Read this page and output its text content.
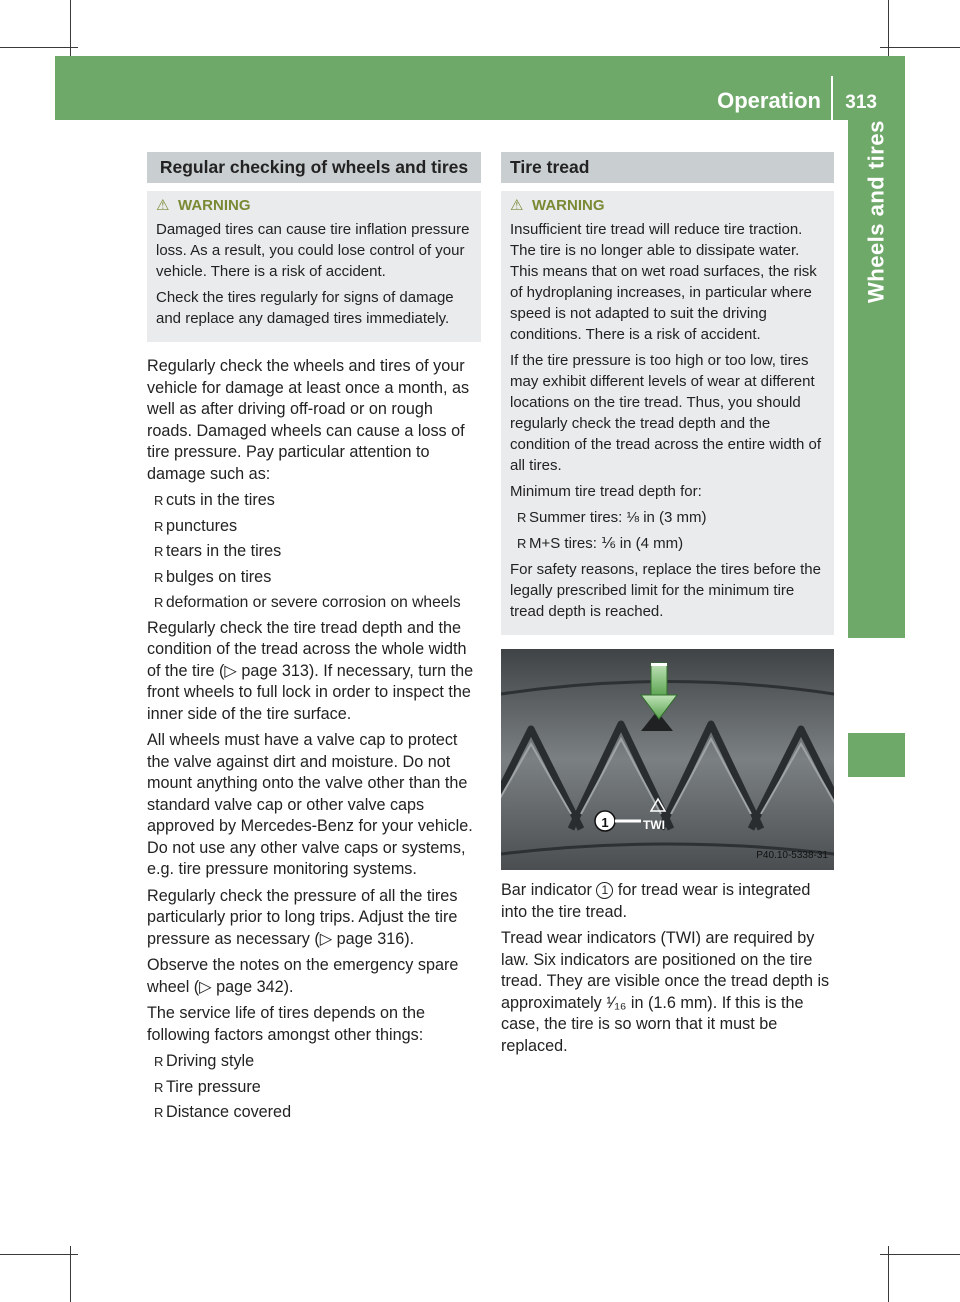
Operation 313
Wheels and tires
Regular checking of wheels and tires
⚠ WARNING

Damaged tires can cause tire inflation pressure loss. As a result, you could lose control of your vehicle. There is a risk of accident.

Check the tires regularly for signs of damage and replace any damaged tires immediately.

Regularly check the wheels and tires of your vehicle for damage at least once a month, as well as after driving off-road or on rough roads. Damaged wheels can cause a loss of tire pressure. Pay particular attention to damage such as:

R cuts in the tires
R punctures
R tears in the tires
R bulges on tires
R deformation or severe corrosion on wheels

Regularly check the tire tread depth and the condition of the tread across the whole width of the tire (▷ page 313). If necessary, turn the front wheels to full lock in order to inspect the inner side of the tire surface.

All wheels must have a valve cap to protect the valve against dirt and moisture. Do not mount anything onto the valve other than the standard valve cap or other valve caps approved by Mercedes-Benz for your vehicle. Do not use any other valve caps or systems, e.g. tire pressure monitoring systems.

Regularly check the pressure of all the tires particularly prior to long trips. Adjust the tire pressure as necessary (▷ page 316).

Observe the notes on the emergency spare wheel (▷ page 342).

The service life of tires depends on the following factors amongst other things:

R Driving style
R Tire pressure
R Distance covered
Tire tread
⚠ WARNING

Insufficient tire tread will reduce tire traction. The tire is no longer able to dissipate water. This means that on wet road surfaces, the risk of hydroplaning increases, in particular where speed is not adapted to suit the driving conditions. There is a risk of accident.

If the tire pressure is too high or too low, tires may exhibit different levels of wear at different locations on the tire tread. Thus, you should regularly check the tread depth and the condition of the tread across the entire width of all tires.

Minimum tire tread depth for:

R Summer tires: ⅛ in (3 mm)
R M+S tires: ⅙ in (4 mm)

For safety reasons, replace the tires before the legally prescribed limit for the minimum tire tread depth is reached.

1	TWI
P40.10-5338-31

Bar indicator 1 for tread wear is integrated into the tire tread.

Tread wear indicators (TWI) are required by law. Six indicators are positioned on the tire tread. They are visible once the tread depth is approximately ¹⁄₁₆ in (1.6 mm). If this is the case, the tire is so worn that it must be replaced.
